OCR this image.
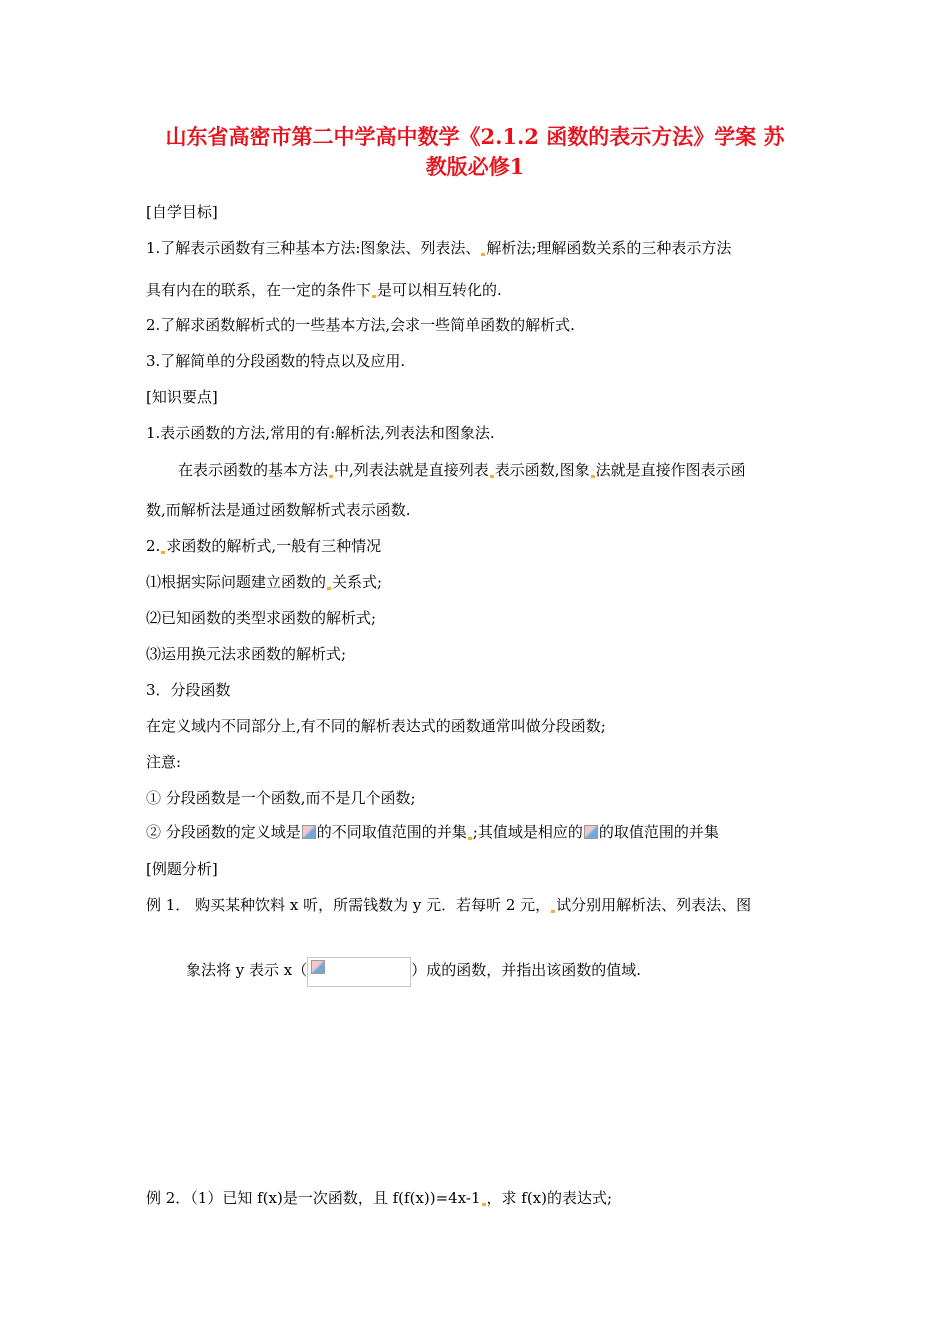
山东省高密市第二中学高中数学《2.1.2 函数的表示方法》学案 苏
教版必修1
[自学目标]
1.了解表示函数有三种基本方法:图象法、列表法、 解析法;理解函数关系的三种表示方法
具有内在的联系，在一定的条件下 是可以相互转化的.
2.了解求函数解析式的一些基本方法,会求一些简单函数的解析式.
3.了解简单的分段函数的特点以及应用.
[知识要点]
1.表示函数的方法,常用的有:解析法,列表法和图象法.
在表示函数的基本方法 中,列表法就是直接列表 表示函数,图象 法就是直接作图表示函
数,而解析法是通过函数解析式表示函数.
2. 求函数的解析式,一般有三种情况
⑴根据实际问题建立函数的 关系式;
⑵已知函数的类型求函数的解析式;
⑶运用换元法求函数的解析式;
3．分段函数
在定义域内不同部分上,有不同的解析表达式的函数通常叫做分段函数;
注意:
① 分段函数是一个函数,而不是几个函数;
② 分段函数的定义域是 的不同取值范围的并集 ;其值域是相应的 的取值范围的并集
[例题分析]
例 1． 购买某种饮料 x 听，所需钱数为 y 元．若每听 2 元， 试分别用解析法、列表法、图
象法将 y 表示 x（	）成的函数，并指出该函数的值域.
例 2．（1）已知 f(x)是一次函数，且 f(f(x))=4x-1 ，求 f(x)的表达式;
